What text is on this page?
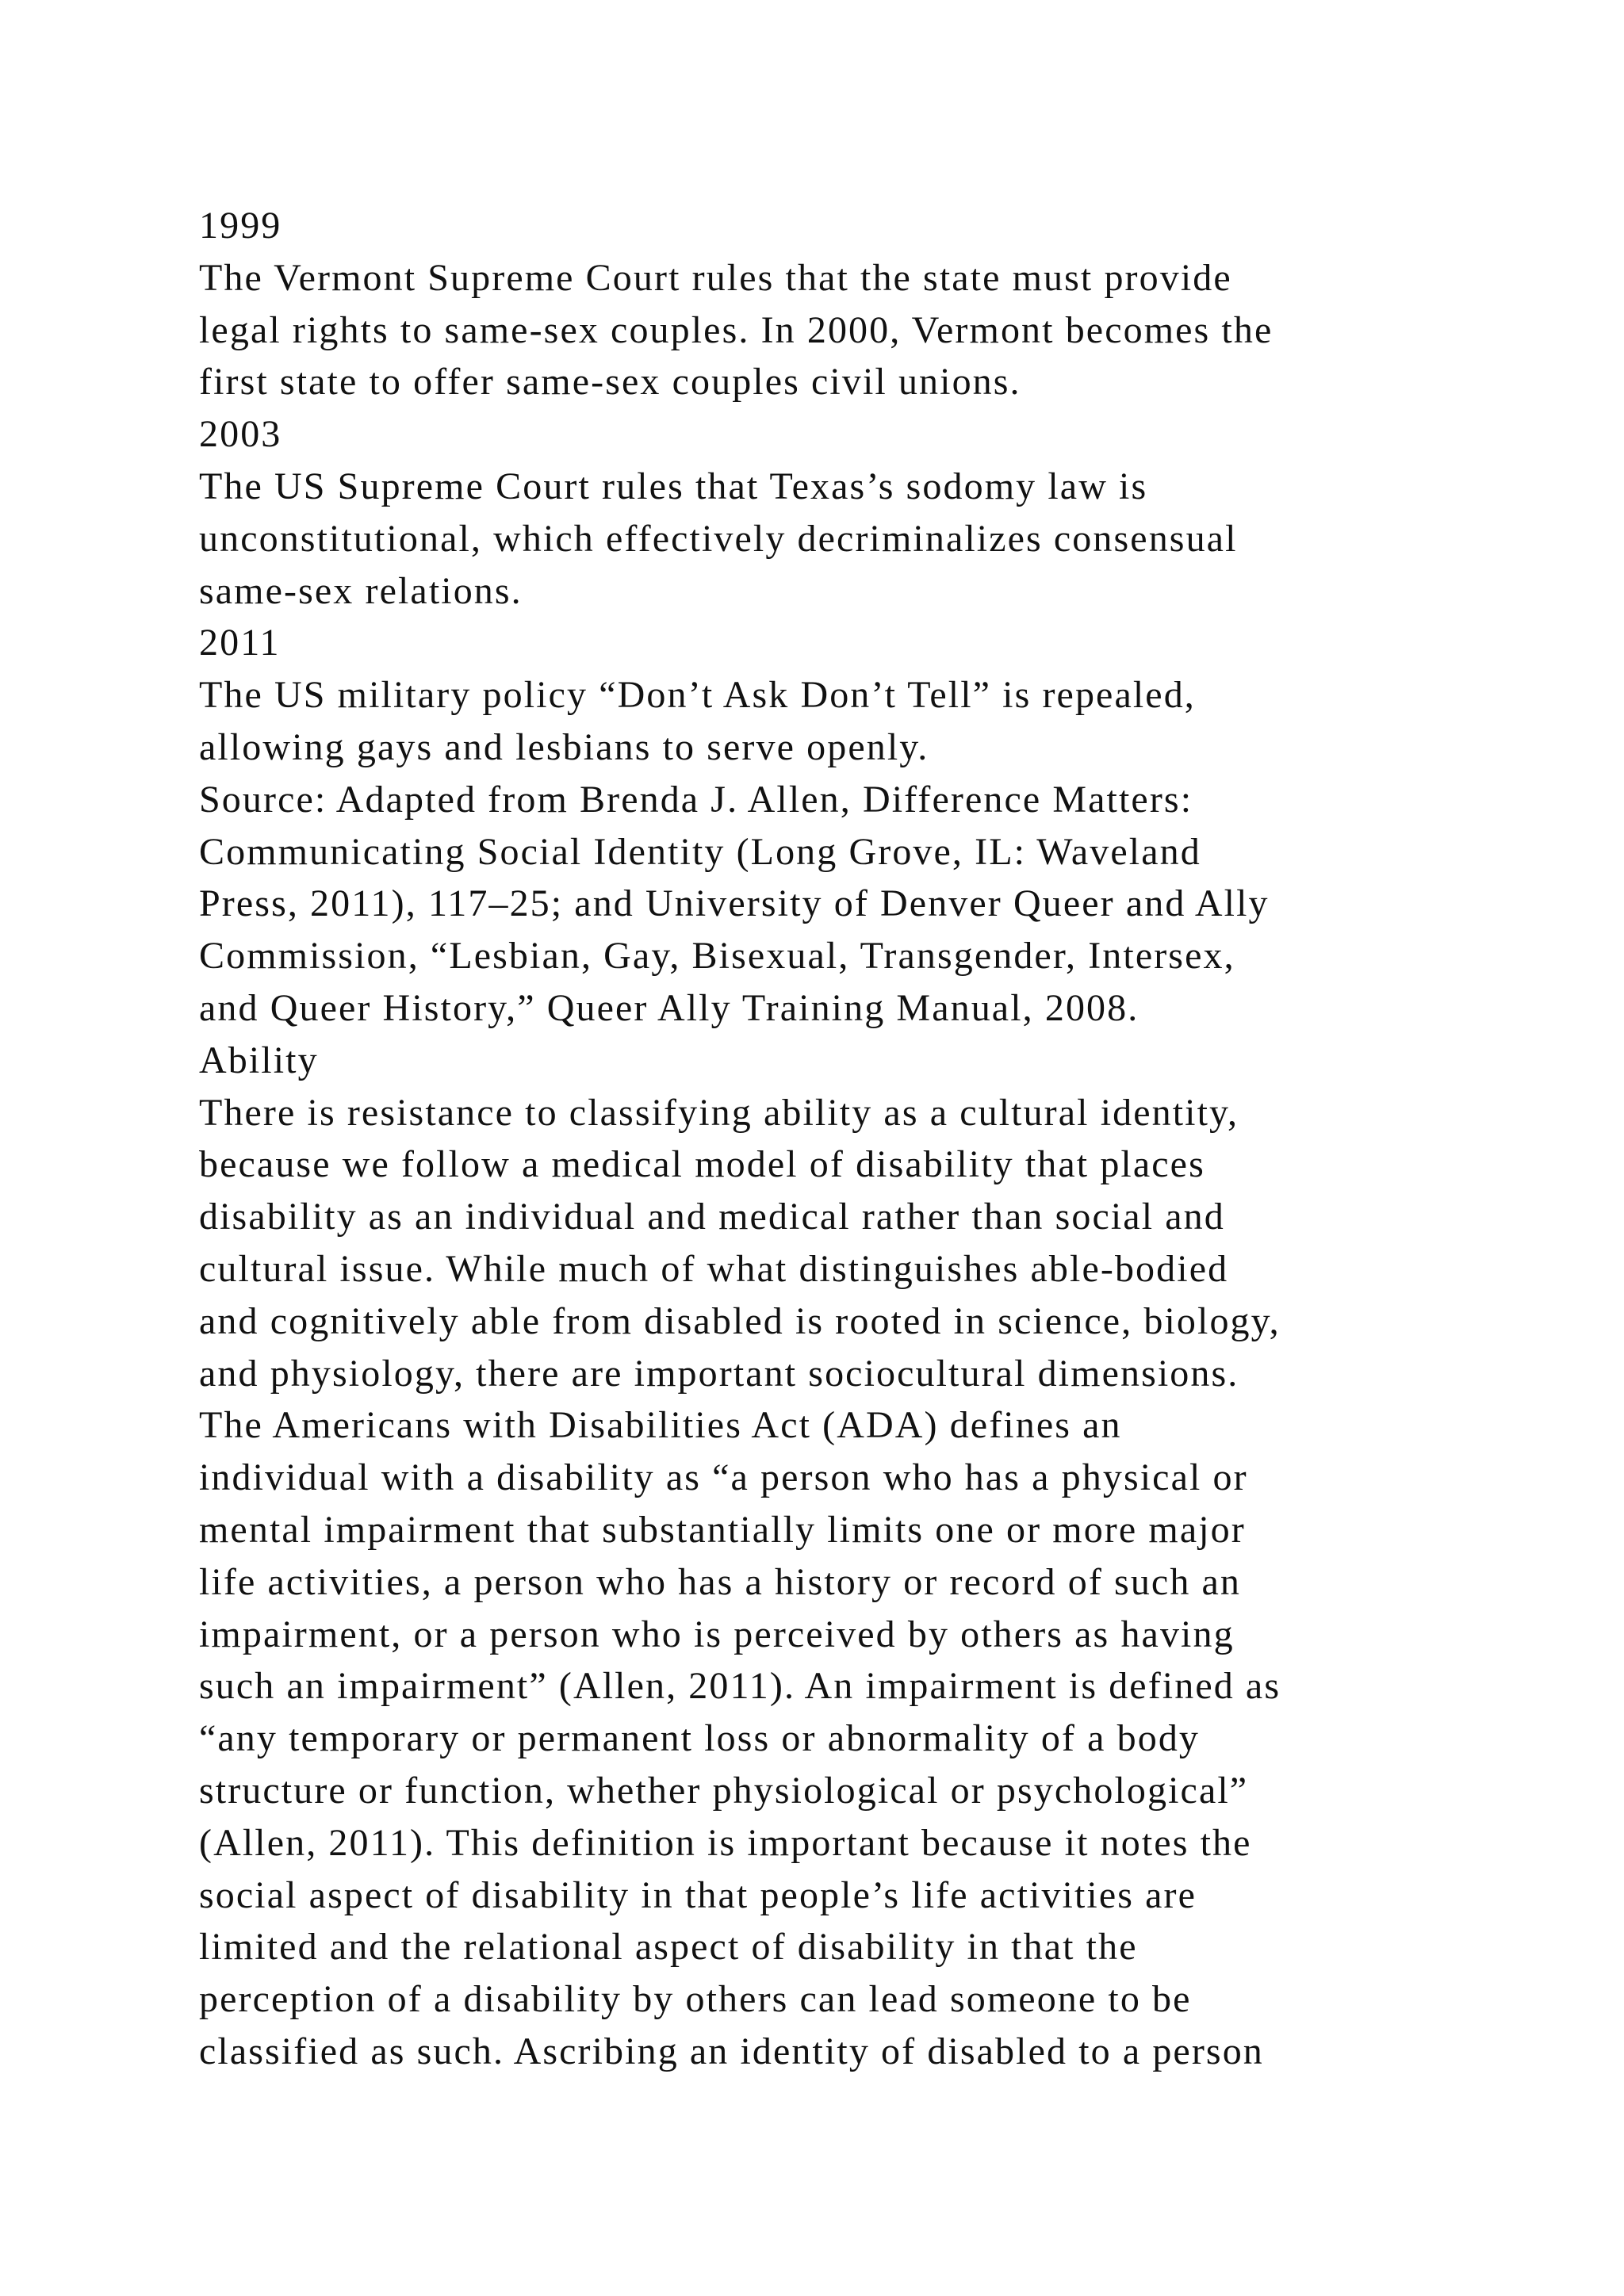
1999
The Vermont Supreme Court rules that the state must provide
legal rights to same-sex couples. In 2000, Vermont becomes the
first state to offer same-sex couples civil unions.
2003
The US Supreme Court rules that Texas’s sodomy law is
unconstitutional, which effectively decriminalizes consensual
same-sex relations.
2011
The US military policy “Don’t Ask Don’t Tell” is repealed,
allowing gays and lesbians to serve openly.
Source: Adapted from Brenda J. Allen, Difference Matters:
Communicating Social Identity (Long Grove, IL: Waveland
Press, 2011), 117–25; and University of Denver Queer and Ally
Commission, “Lesbian, Gay, Bisexual, Transgender, Intersex,
and Queer History,” Queer Ally Training Manual, 2008.
Ability
There is resistance to classifying ability as a cultural identity,
because we follow a medical model of disability that places
disability as an individual and medical rather than social and
cultural issue. While much of what distinguishes able-bodied
and cognitively able from disabled is rooted in science, biology,
and physiology, there are important sociocultural dimensions.
The Americans with Disabilities Act (ADA) defines an
individual with a disability as “a person who has a physical or
mental impairment that substantially limits one or more major
life activities, a person who has a history or record of such an
impairment, or a person who is perceived by others as having
such an impairment” (Allen, 2011). An impairment is defined as
“any temporary or permanent loss or abnormality of a body
structure or function, whether physiological or psychological”
(Allen, 2011). This definition is important because it notes the
social aspect of disability in that people’s life activities are
limited and the relational aspect of disability in that the
perception of a disability by others can lead someone to be
classified as such. Ascribing an identity of disabled to a person
